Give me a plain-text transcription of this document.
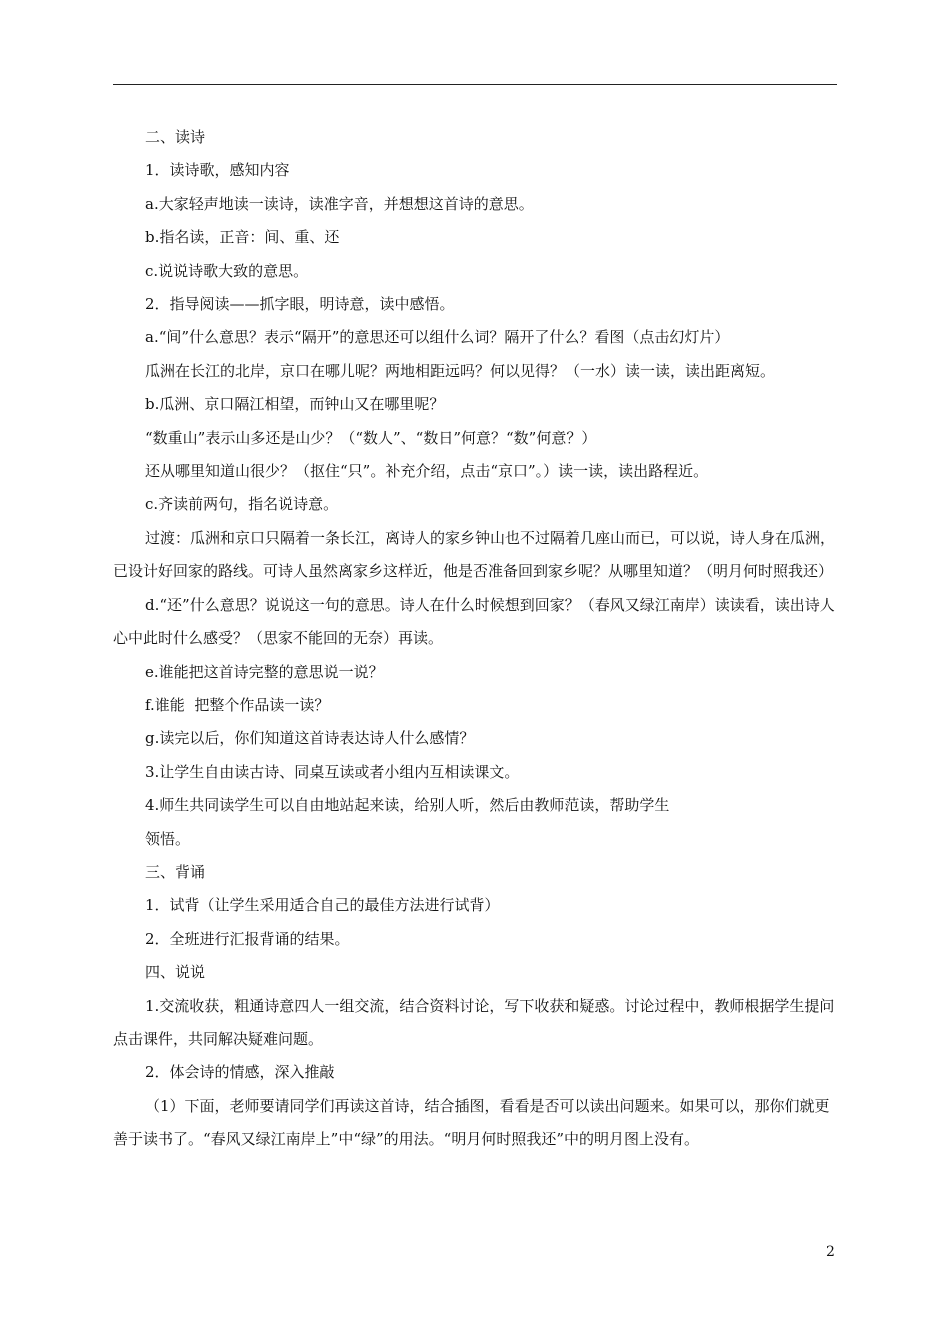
二、读诗

1．读诗歌，感知内容

a.大家轻声地读一读诗，读准字音，并想想这首诗的意思。

b.指名读，正音：间、重、还

c.说说诗歌大致的意思。

2．指导阅读——抓字眼，明诗意，读中感悟。

a.“间”什么意思？表示“隔开”的意思还可以组什么词？隔开了什么？看图（点击幻灯片）

瓜洲在长江的北岸，京口在哪儿呢？两地相距远吗？何以见得？（一水）读一读，读出距离短。

b.瓜洲、京口隔江相望，而钟山又在哪里呢？

“数重山”表示山多还是山少？（“数人”、“数日”何意？“数”何意？）

还从哪里知道山很少？（抠住“只”。补充介绍，点击“京口”。）读一读，读出路程近。

c.齐读前两句，指名说诗意。

过渡：瓜洲和京口只隔着一条长江，离诗人的家乡钟山也不过隔着几座山而已，可以说，诗人身在瓜洲，已设计好回家的路线。可诗人虽然离家乡这样近，他是否准备回到家乡呢？从哪里知道？（明月何时照我还）

d.“还”什么意思？说说这一句的意思。诗人在什么时候想到回家？（春风又绿江南岸）读读看，读出诗人心中此时什么感受？（思家不能回的无奈）再读。

e.谁能把这首诗完整的意思说一说？

f.谁能  把整个作品读一读？

g.读完以后，你们知道这首诗表达诗人什么感情？

3.让学生自由读古诗、同桌互读或者小组内互相读课文。

4.师生共同读学生可以自由地站起来读，给别人听，然后由教师范读，帮助学生

领悟。

三、背诵

1．试背（让学生采用适合自己的最佳方法进行试背）

2．全班进行汇报背诵的结果。

四、说说

1.交流收获，粗通诗意四人一组交流，结合资料讨论，写下收获和疑惑。讨论过程中，教师根据学生提问点击课件，共同解决疑难问题。

2．体会诗的情感，深入推敲

（1）下面，老师要请同学们再读这首诗，结合插图，看看是否可以读出问题来。如果可以，那你们就更善于读书了。“春风又绿江南岸上”中“绿”的用法。“明月何时照我还”中的明月图上没有。

2
